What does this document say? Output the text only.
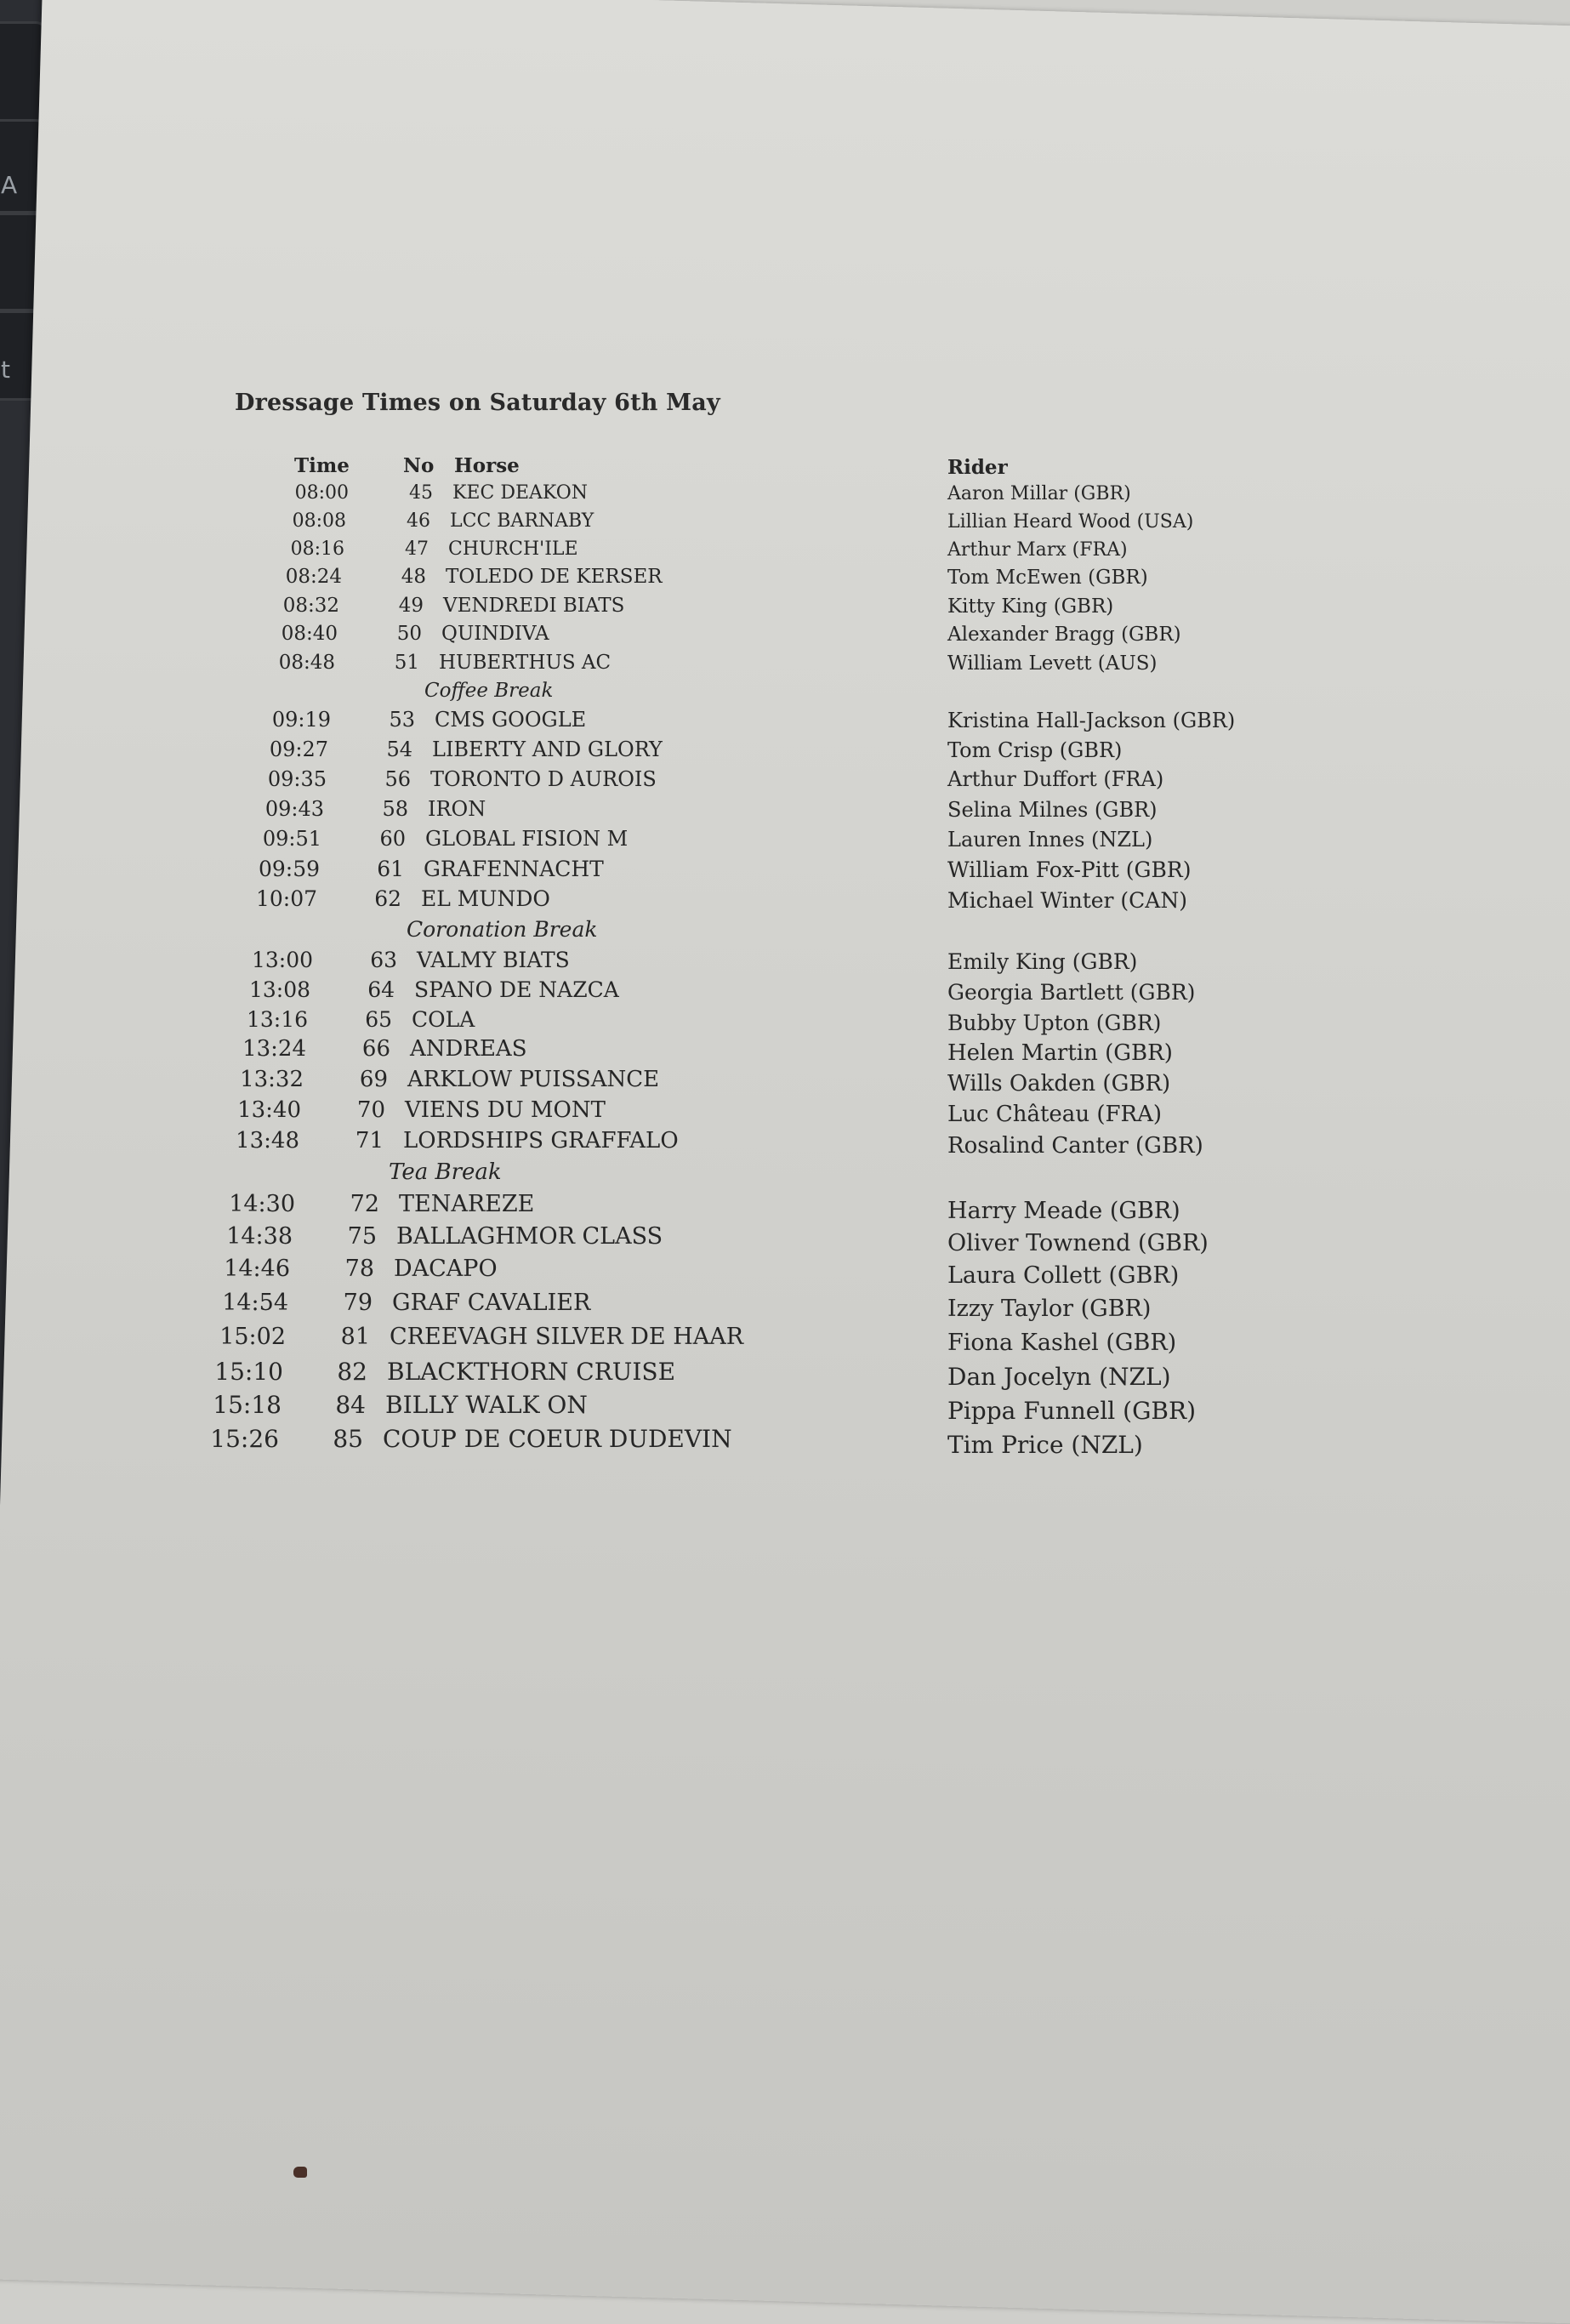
A
t
Dressage Times on Saturday 6th May
Time	No Horse	Rider
08:00	45 KEC DEAKON	Aaron Millar (GBR)
08:08	46 LCC BARNABY	Lillian Heard Wood (USA)
08:16	47 CHURCH'ILE	Arthur Marx (FRA)
08:24	48 TOLEDO DE KERSER	Tom McEwen (GBR)
08:32	49 VENDREDI BIATS	Kitty King (GBR)
08:40	50 QUINDIVA	Alexander Bragg (GBR)
08:48	51 HUBERTHUS AC	William Levett (AUS)
Coffee Break
09:19	53 CMS GOOGLE	Kristina Hall-Jackson (GBR)
09:27	54 LIBERTY AND GLORY	Tom Crisp (GBR)
09:35	56 TORONTO D AUROIS	Arthur Duffort (FRA)
09:43	58 IRON	Selina Milnes (GBR)
09:51	60 GLOBAL FISION M	Lauren Innes (NZL)
09:59	61 GRAFENNACHT	William Fox-Pitt (GBR)
10:07	62 EL MUNDO	Michael Winter (CAN)
Coronation Break
13:00	63 VALMY BIATS	Emily King (GBR)
13:08	64 SPANO DE NAZCA	Georgia Bartlett (GBR)
13:16	65 COLA	Bubby Upton (GBR)
13:24	66 ANDREAS	Helen Martin (GBR)
13:32	69 ARKLOW PUISSANCE	Wills Oakden (GBR)
13:40	70 VIENS DU MONT	Luc Château (FRA)
13:48	71 LORDSHIPS GRAFFALO	Rosalind Canter (GBR)
Tea Break
14:30	72 TENAREZE	Harry Meade (GBR)
14:38	75 BALLAGHMOR CLASS	Oliver Townend (GBR)
14:46	78 DACAPO	Laura Collett (GBR)
14:54	79 GRAF CAVALIER	Izzy Taylor (GBR)
15:02	81 CREEVAGH SILVER DE HAAR	Fiona Kashel (GBR)
15:10 82 BLACKTHORN CRUISE	Dan Jocelyn (NZL)
15:18 84 BILLY WALK ON	Pippa Funnell (GBR)
15:26 85 COUP DE COEUR DUDEVIN	Tim Price (NZL)
